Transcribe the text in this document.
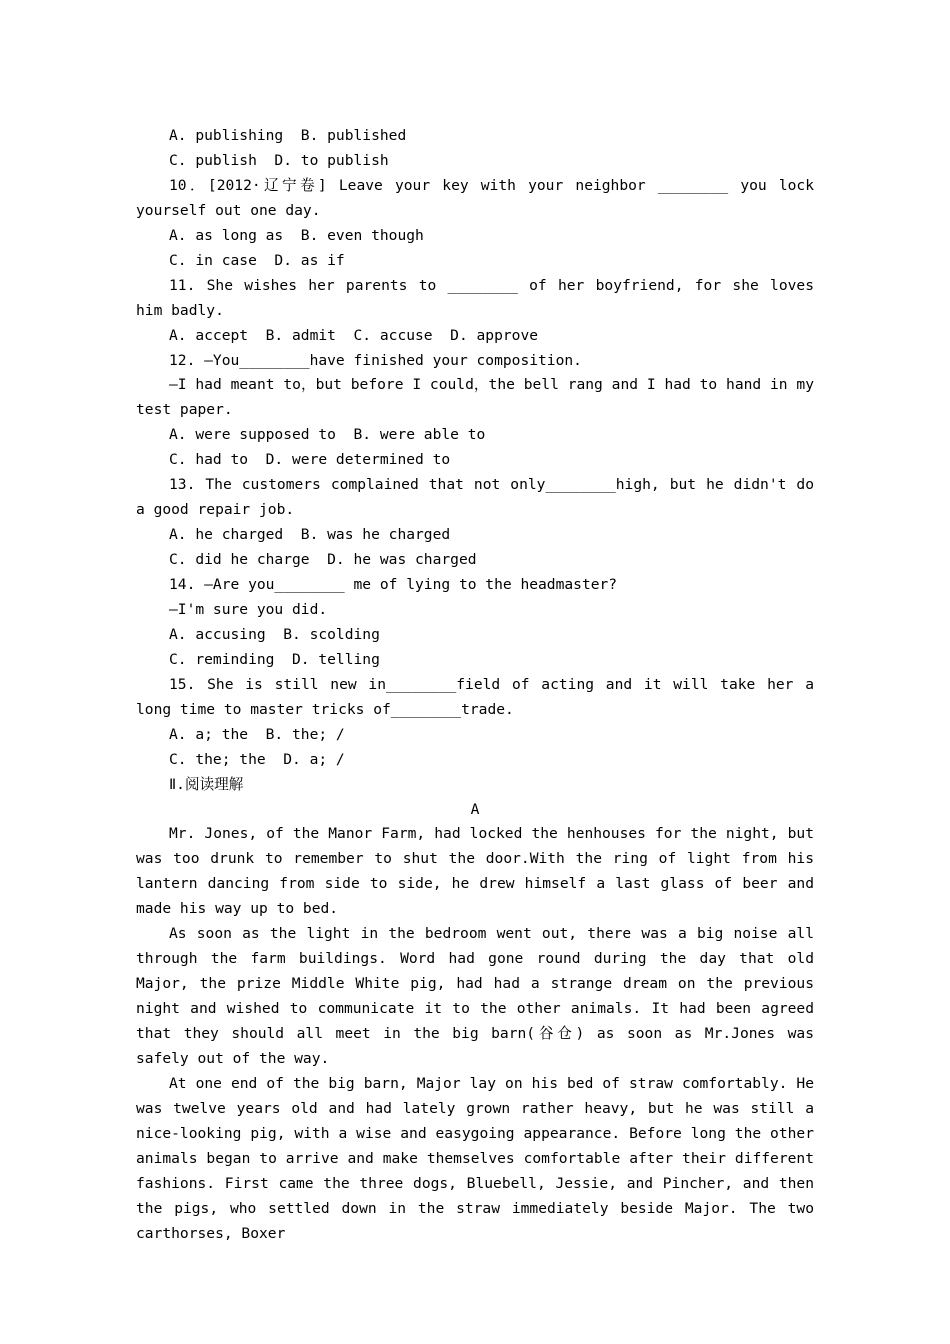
A. publishing  B. published
C. publish  D. to publish

10．[2012·辽宁卷] Leave your key with your neighbor ________ you lock yourself out one day.

A. as long as  B. even though
C. in case  D. as if

11. She wishes her parents to ________ of her boyfriend, for she loves him badly.

A. accept  B. admit  C. accuse  D. approve

12. —You________have finished your composition.

—I had meant to，but before I could，the bell rang and I had to hand in my test paper.

A. were supposed to  B. were able to
C. had to  D. were determined to

13. The customers complained that not only________high, but he didn't do a good repair job.

A. he charged  B. was he charged
C. did he charge  D. he was charged

14. —Are you________ me of lying to the headmaster?

—I'm sure you did.

A. accusing  B. scolding
C. reminding  D. telling

15. She is still new in________field of acting and it will take her a long time to master tricks of________trade.

A. a; the  B. the; /
C. the; the  D. a; /
Ⅱ.阅读理解
A

Mr. Jones, of the Manor Farm, had locked the henhouses for the night, but was too drunk to remember to shut the door.With the ring of light from his lantern dancing from side to side, he drew himself a last glass of beer and made his way up to bed.

As soon as the light in the bedroom went out, there was a big noise all through the farm buildings. Word had gone round during the day that old Major, the prize Middle White pig, had had a strange dream on the previous night and wished to communicate it to the other animals. It had been agreed that they should all meet in the big barn(谷仓) as soon as Mr.Jones was safely out of the way.

At one end of the big barn, Major lay on his bed of straw comfortably. He was twelve years old and had lately grown rather heavy, but he was still a nice-looking pig, with a wise and easygoing appearance. Before long the other animals began to arrive and make themselves comfortable after their different fashions. First came the three dogs, Bluebell, Jessie, and Pincher, and then the pigs, who settled down in the straw immediately beside Major. The two carthorses, Boxer
